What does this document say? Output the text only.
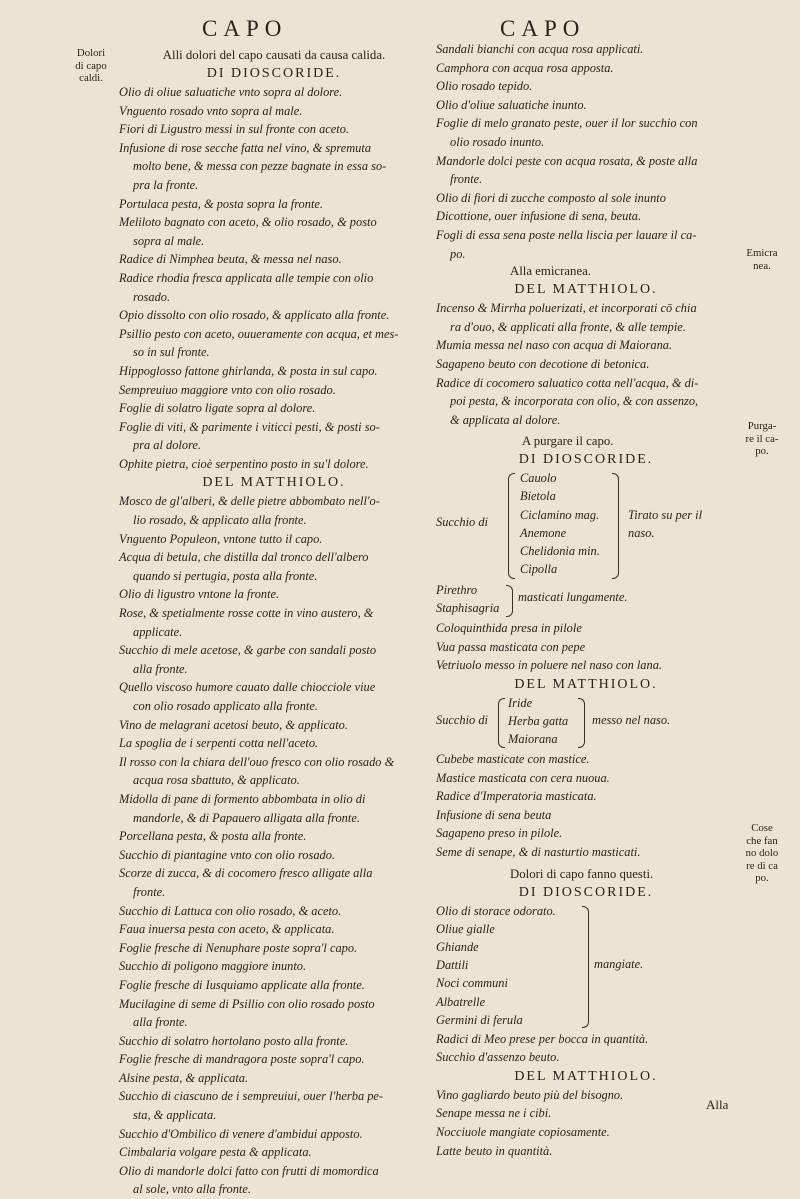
CAPO	CAPO
Dolori
di capo
caldi.
Emicra
nea.
Purga-
re il ca-
po.
Cose
che fan
no dolo
re di ca
po.
Alli dolori del capo causati da causa calida.
DI DIOSCORIDE.
Olio di oliue saluatiche vnto sopra al dolore.
Vnguento rosado vnto sopra al male.
Fiori di Ligustro messi in sul fronte con aceto.
Infusione di rose secche fatta nel vino, & spremuta
molto bene, & messa con pezze bagnate in essa so-
pra la fronte.
Portulaca pesta, & posta sopra la fronte.
Meliloto bagnato con aceto, & olio rosado, & posto
sopra al male.
Radice di Nimphea beuta, & messa nel naso.
Radice rhodia fresca applicata alle tempie con olio
rosado.
Opio dissolto con olio rosado, & applicato alla fronte.
Psillio pesto con aceto, ouueramente con acqua, et mes-
so in sul fronte.
Hippoglosso fattone ghirlanda, & posta in sul capo.
Sempreuiuo maggiore vnto con olio rosado.
Foglie di solatro ligate sopra al dolore.
Foglie di viti, & parimente i viticci pesti, & posti so-
pra al dolore.
Ophite pietra, cioè serpentino posto in su'l dolore.
DEL MATTHIOLO.
Mosco de gl'alberi, & delle pietre abbombato nell'o-
lio rosado, & applicato alla fronte.
Vnguento Populeon, vntone tutto il capo.
Acqua di betula, che distilla dal tronco dell'albero
quando si pertugia, posta alla fronte.
Olio di ligustro vntone la fronte.
Rose, & spetialmente rosse cotte in vino austero, &
applicate.
Succhio di mele acetose, & garbe con sandali posto
alla fronte.
Quello viscoso humore cauato dalle chiocciole viue
con olio rosado applicato alla fronte.
Vino de melagrani acetosi beuto, & applicato.
La spoglia de i serpenti cotta nell'aceto.
Il rosso con la chiara dell'ouo fresco con olio rosado &
acqua rosa sbattuto, & applicato.
Midolla di pane di formento abbombata in olio di
mandorle, & di Papauero alligata alla fronte.
Porcellana pesta, & posta alla fronte.
Succhio di piantagine vnto con olio rosado.
Scorze di zucca, & di cocomero fresco alligate alla
fronte.
Succhio di Lattuca con olio rosado, & aceto.
Faua inuersa pesta con aceto, & applicata.
Foglie fresche di Nenuphare poste sopra'l capo.
Succhio di poligono maggiore inunto.
Foglie fresche di Iusquiamo applicate alla fronte.
Mucilagine di seme di Psillio con olio rosado posto
alla fronte.
Succhio di solatro hortolano posto alla fronte.
Foglie fresche di mandragora poste sopra'l capo.
Alsine pesta, & applicata.
Succhio di ciascuno de i sempreuiui, ouer l'herba pe-
sta, & applicata.
Succhio d'Ombilico di venere d'ambidui apposto.
Cimbalaria volgare pesta & applicata.
Olio di mandorle dolci fatto con frutti di momordica
al sole, vnto alla fronte.
Sandali bianchi con acqua rosa applicati.
Camphora con acqua rosa apposta.
Olio rosado tepido.
Olio d'oliue saluatiche inunto.
Foglie di melo granato peste, ouer il lor succhio con
olio rosado inunto.
Mandorle dolci peste con acqua rosata, & poste alla
fronte.
Olio di fiori di zucche composto al sole inunto
Dicottione, ouer infusione di sena, beuta.
Fogli di essa sena poste nella liscia per lauare il ca-
po.
Alla emicranea.
DEL MATTHIOLO.
Incenso & Mirrha poluerizati, et incorporati cō chia
ra d'ouo, & applicati alla fronte, & alle tempie.
Mumia messa nel naso con acqua di Maiorana.
Sagapeno beuto con decotione di betonica.
Radice di cocomero saluatico cotta nell'acqua, & di-
poi pesta, & incorporata con olio, & con assenzo,
& applicata al dolore.
A purgare il capo.
DI DIOSCORIDE.
Succhio di
Cauolo
Bietola
Ciclamino mag.
Anemone
Chelidonia min.
Cipolla
Tirato su per il
naso.
Pirethro
Staphisagria
masticati lungamente.
Coloquinthida presa in pilole
Vua passa masticata con pepe
Vetriuolo messo in poluere nel naso con lana.
DEL MATTHIOLO.
Succhio di
Iride
Herba gatta
Maiorana
messo nel naso.
Cubebe masticate con mastice.
Mastice masticata con cera nuoua.
Radice d'Imperatoria masticata.
Infusione di sena beuta
Sagapeno preso in pilole.
Seme di senape, & di nasturtio masticati.
Dolori di capo fanno questi.
DI DIOSCORIDE.
Olio di storace odorato.
Oliue gialle
Ghiande
Dattili
Noci communi
Albatrelle
Germini di ferula
mangiate.
Radici di Meo prese per bocca in quantità.
Succhio d'assenzo beuto.
DEL MATTHIOLO.
Vino gagliardo beuto più del bisogno.
Senape messa ne i cibi.
Nocciuole mangiate copiosamente.
Latte beuto in quantità.
Alla
